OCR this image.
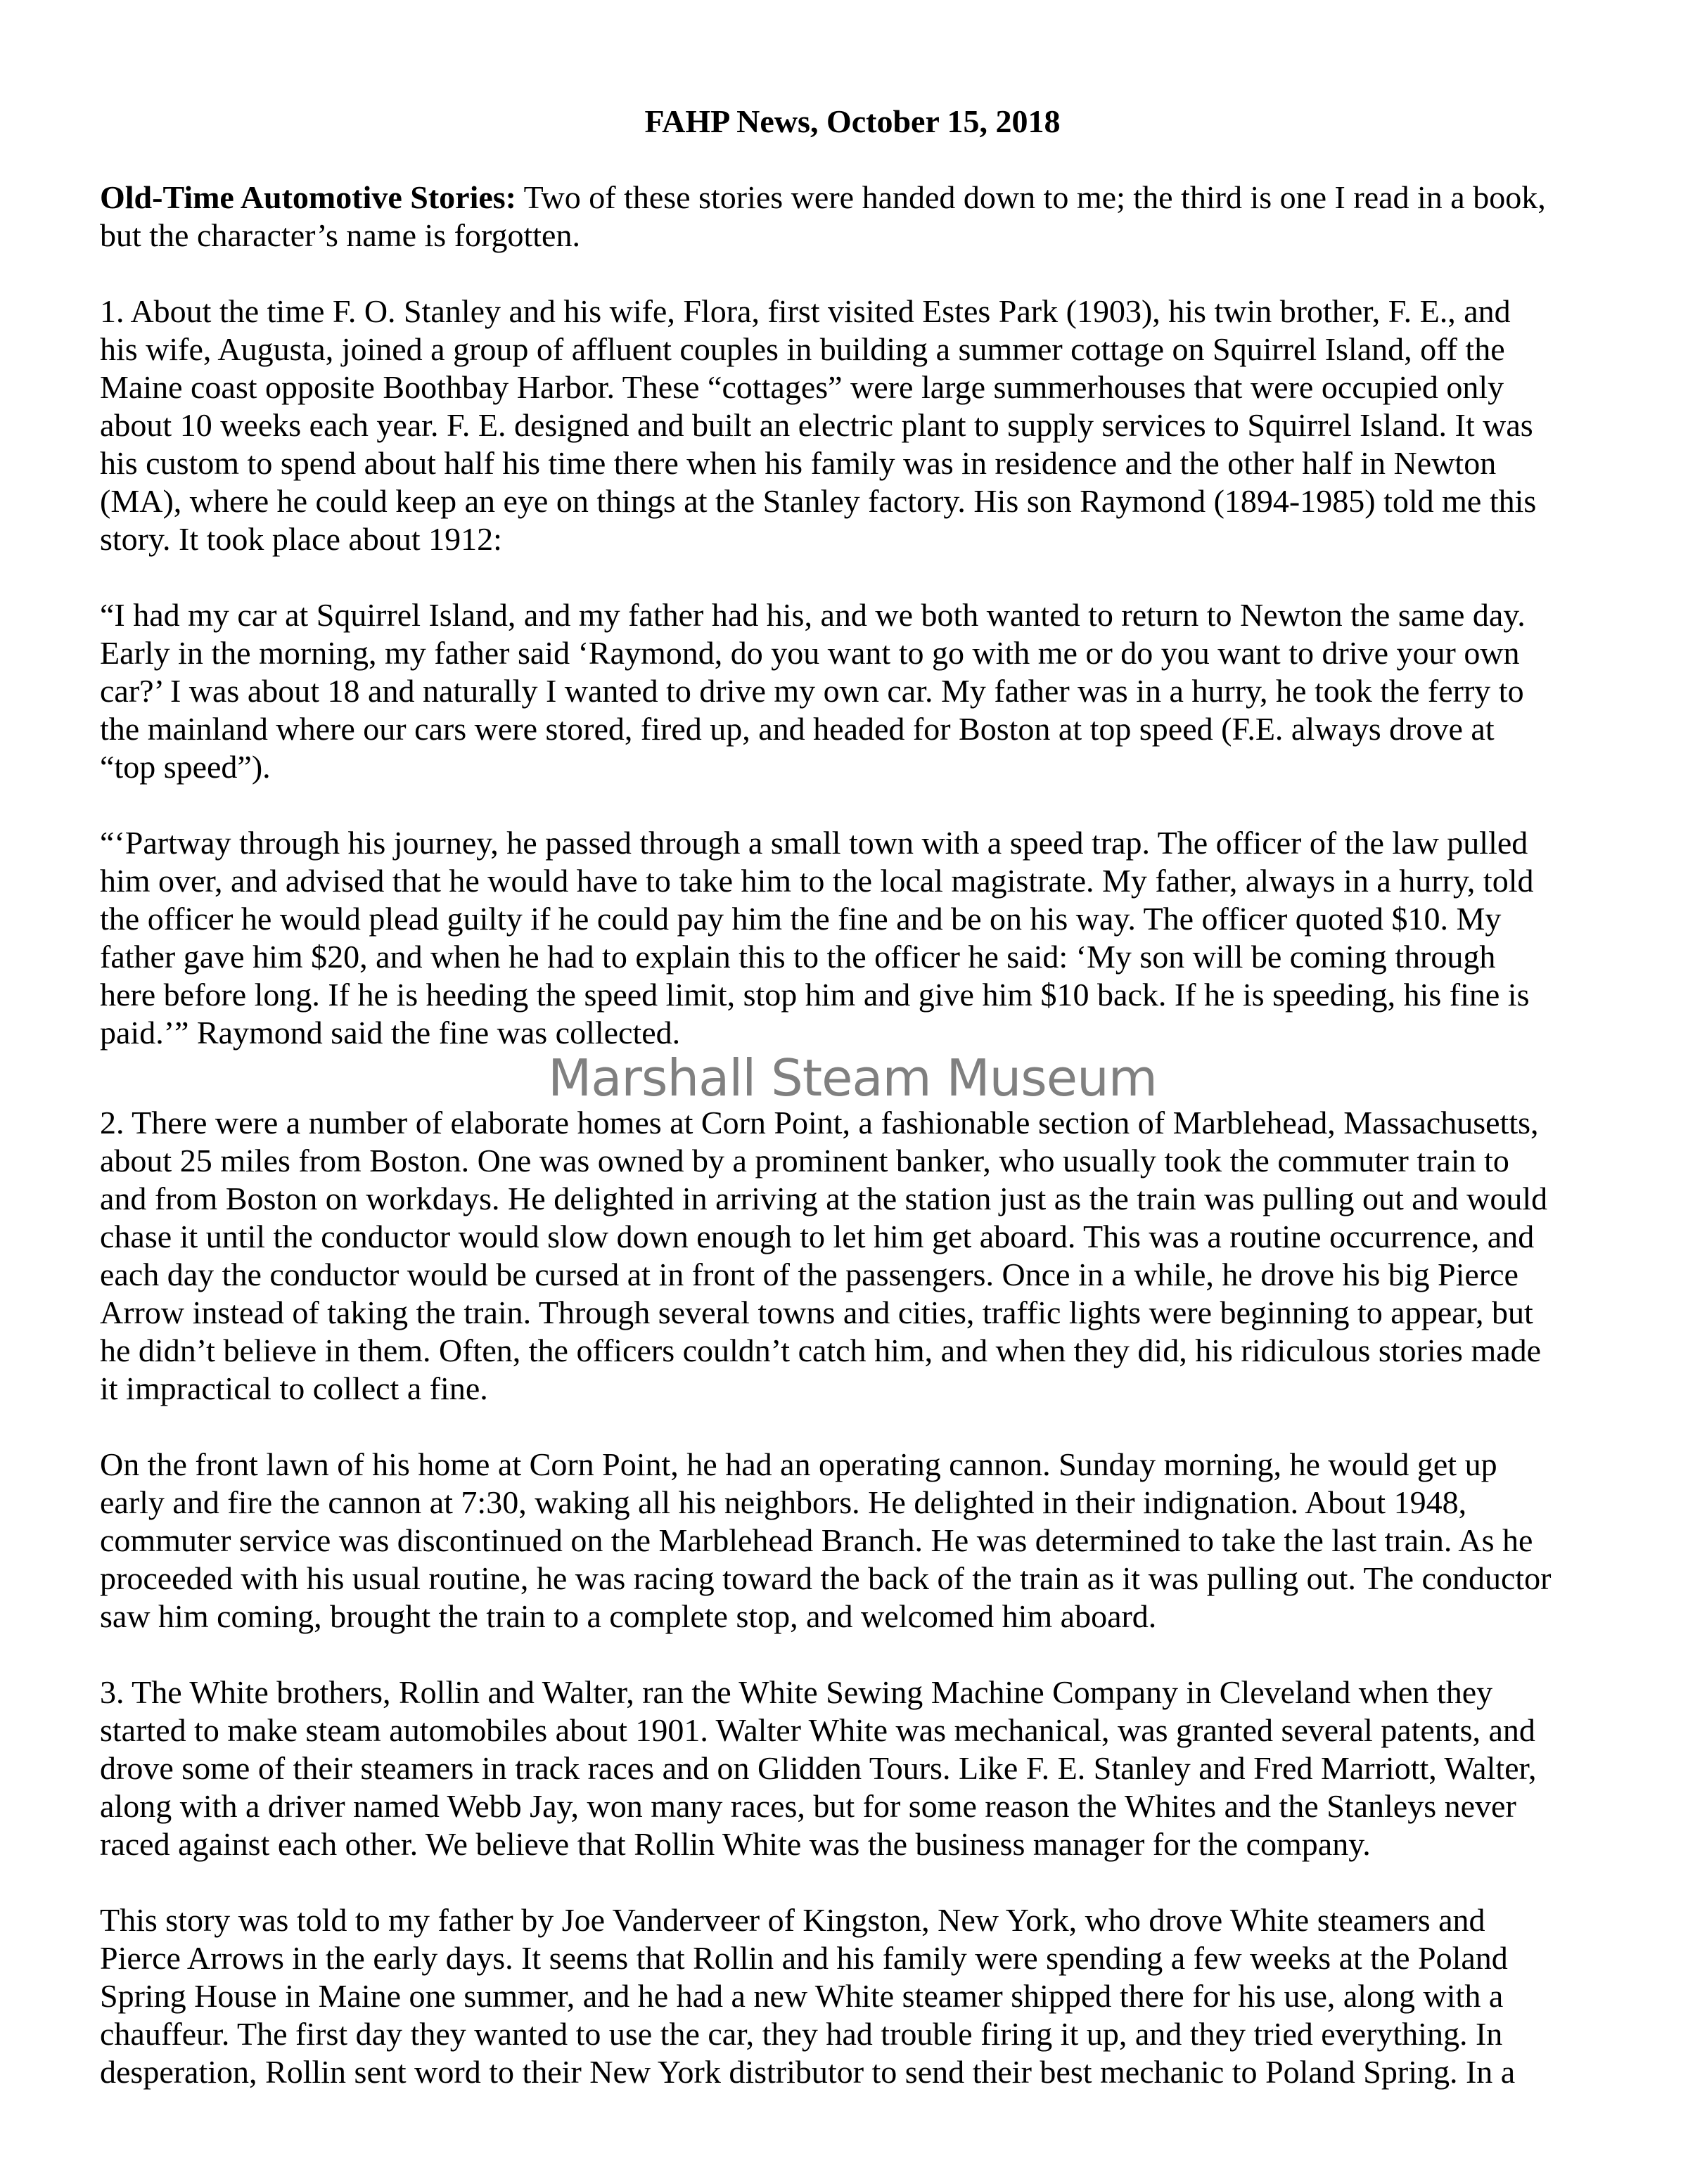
FAHP News, October 15, 2018
Old-Time Automotive Stories: Two of these stories were handed down to me; the third is one I read in a book,
but the character’s name is forgotten.
1. About the time F. O. Stanley and his wife, Flora, first visited Estes Park (1903), his twin brother, F. E., and
his wife, Augusta, joined a group of affluent couples in building a summer cottage on Squirrel Island, off the
Maine coast opposite Boothbay Harbor. These “cottages” were large summerhouses that were occupied only
about 10 weeks each year. F. E. designed and built an electric plant to supply services to Squirrel Island. It was
his custom to spend about half his time there when his family was in residence and the other half in Newton
(MA), where he could keep an eye on things at the Stanley factory. His son Raymond (1894-1985) told me this
story. It took place about 1912:
“I had my car at Squirrel Island, and my father had his, and we both wanted to return to Newton the same day.
Early in the morning, my father said ‘Raymond, do you want to go with me or do you want to drive your own
car?’ I was about 18 and naturally I wanted to drive my own car. My father was in a hurry, he took the ferry to
the mainland where our cars were stored, fired up, and headed for Boston at top speed (F.E. always drove at
“top speed”).
“‘Partway through his journey, he passed through a small town with a speed trap. The officer of the law pulled
him over, and advised that he would have to take him to the local magistrate. My father, always in a hurry, told
the officer he would plead guilty if he could pay him the fine and be on his way. The officer quoted $10. My
father gave him $20, and when he had to explain this to the officer he said: ‘My son will be coming through
here before long. If he is heeding the speed limit, stop him and give him $10 back. If he is speeding, his fine is
paid.’” Raymond said the fine was collected.
Marshall Steam Museum
2. There were a number of elaborate homes at Corn Point, a fashionable section of Marblehead, Massachusetts,
about 25 miles from Boston. One was owned by a prominent banker, who usually took the commuter train to
and from Boston on workdays. He delighted in arriving at the station just as the train was pulling out and would
chase it until the conductor would slow down enough to let him get aboard. This was a routine occurrence, and
each day the conductor would be cursed at in front of the passengers. Once in a while, he drove his big Pierce
Arrow instead of taking the train. Through several towns and cities, traffic lights were beginning to appear, but
he didn’t believe in them. Often, the officers couldn’t catch him, and when they did, his ridiculous stories made
it impractical to collect a fine.
On the front lawn of his home at Corn Point, he had an operating cannon. Sunday morning, he would get up
early and fire the cannon at 7:30, waking all his neighbors. He delighted in their indignation. About 1948,
commuter service was discontinued on the Marblehead Branch. He was determined to take the last train. As he
proceeded with his usual routine, he was racing toward the back of the train as it was pulling out. The conductor
saw him coming, brought the train to a complete stop, and welcomed him aboard.
3. The White brothers, Rollin and Walter, ran the White Sewing Machine Company in Cleveland when they
started to make steam automobiles about 1901. Walter White was mechanical, was granted several patents, and
drove some of their steamers in track races and on Glidden Tours. Like F. E. Stanley and Fred Marriott, Walter,
along with a driver named Webb Jay, won many races, but for some reason the Whites and the Stanleys never
raced against each other. We believe that Rollin White was the business manager for the company.
This story was told to my father by Joe Vanderveer of Kingston, New York, who drove White steamers and
Pierce Arrows in the early days. It seems that Rollin and his family were spending a few weeks at the Poland
Spring House in Maine one summer, and he had a new White steamer shipped there for his use, along with a
chauffeur. The first day they wanted to use the car, they had trouble firing it up, and they tried everything. In
desperation, Rollin sent word to their New York distributor to send their best mechanic to Poland Spring. In a
